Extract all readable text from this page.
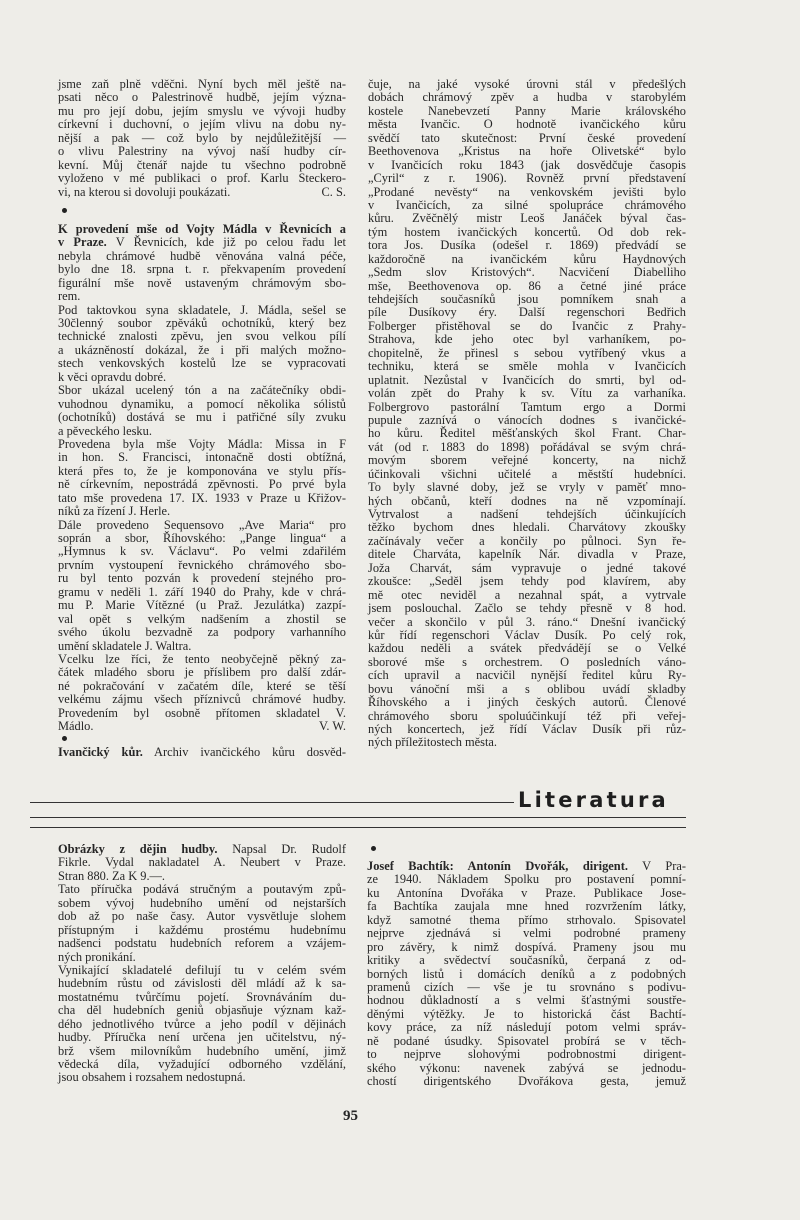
jsme zaň plně vděčni. Nyní bych měl ještě na-
psati něco o Palestrinově hudbě, jejím význa-
mu pro její dobu, jejím smyslu ve vývoji hudby
církevní i duchovní, o jejím vlivu na dobu ny-
nější a pak — což bylo by nejdůležitější —
o vlivu Palestriny na vývoj naší hudby cír-
kevní. Můj čtenář najde tu všechno podrobně
vyloženo v mé publikaci o prof. Karlu Steckero-
vi, na kterou si dovoluji poukázati.	C. S.
K provedení mše od Vojty Mádla v Řevnicích a
v Praze. V Řevnicích, kde již po celou řadu let
nebyla chrámové hudbě věnována valná péče,
bylo dne 18. srpna t. r. překvapením provedení
figurální mše nově ustaveným chrámovým sbo-
rem.
Pod taktovkou syna skladatele, J. Mádla, sešel se
30členný soubor zpěváků ochotníků, který bez
technické znalosti zpěvu, jen svou velkou pílí
a ukázněností dokázal, že i při malých možno-
stech venkovských kostelů lze se vypracovati
k věci opravdu dobré.
Sbor ukázal ucelený tón a na začátečníky obdi-
vuhodnou dynamiku, a pomocí několika sólistů
(ochotníků) dostává se mu i patřičné síly zvuku
a pěveckého lesku.
Provedena byla mše Vojty Mádla: Missa in F
in hon. S. Francisci, intonačně dosti obtížná,
která přes to, že je komponována ve stylu přís-
ně církevním, nepostrádá zpěvnosti. Po prvé byla
tato mše provedena 17. IX. 1933 v Praze u Křižov-
níků za řízení J. Herle.
Dále provedeno Sequensovo „Ave Maria“ pro
soprán a sbor, Říhovského: „Pange lingua“ a
„Hymnus k sv. Václavu“. Po velmi zdařilém
prvním vystoupení řevnického chrámového sbo-
ru byl tento pozván k provedení stejného pro-
gramu v neděli 1. září 1940 do Prahy, kde v chrá-
mu P. Marie Vítězné (u Praž. Jezulátka) zazpí-
val opět s velkým nadšením a zhostil se
svého úkolu bezvadně za podpory varhanního
umění skladatele J. Waltra.
Vcelku lze říci, že tento neobyčejně pěkný za-
čátek mladého sboru je příslibem pro další zdár-
né pokračování v začatém díle, které se těší
velkému zájmu všech příznivců chrámové hudby.
Provedením byl osobně přítomen skladatel V.
Mádlo.	V. W.
Ivančický kůr. Archiv ivančického kůru dosvěd-
čuje, na jaké vysoké úrovni stál v předešlých
dobách chrámový zpěv a hudba v starobylém
kostele Nanebevzetí Panny Marie královského
města Ivančic. O hodnotě ivančického kůru
svědčí tato skutečnost: První české provedení
Beethovenova „Kristus na hoře Olivetské“ bylo
v Ivančicích roku 1843 (jak dosvědčuje časopis
„Cyril“ z r. 1906). Rovněž první představení
„Prodané nevěsty“ na venkovském jevišti bylo
v Ivančicích, za silné spolupráce chrámového
kůru. Zvěčnělý mistr Leoš Janáček býval čas-
tým hostem ivančických koncertů. Od dob rek-
tora Jos. Dusíka (odešel r. 1869) předvádí se
každoročně na ivančickém kůru Haydnových
„Sedm slov Kristových“. Nacvičení Diabelliho
mše, Beethovenova op. 86 a četné jiné práce
tehdejších současníků jsou pomníkem snah a
píle Dusíkovy éry. Další regenschori Bedřich
Folberger přistěhoval se do Ivančic z Prahy-
Strahova, kde jeho otec byl varhaníkem, po-
chopitelně, že přinesl s sebou vytříbený vkus a
techniku, která se směle mohla v Ivančicích
uplatnit. Nezůstal v Ivančicích do smrti, byl od-
volán zpět do Prahy k sv. Vítu za varhaníka.
Folbergrovo pastorální Tamtum ergo a Dormi
pupule zaznívá o vánocích dodnes s ivančické-
ho kůru. Ředitel měšťanských škol Frant. Char-
vát (od r. 1883 do 1898) pořádával se svým chrá-
movým sborem veřejné koncerty, na nichž
účinkovali všichni učitelé a městští hudebníci.
To byly slavné doby, jež se vryly v paměť mno-
hých občanů, kteří dodnes na ně vzpomínají.
Vytrvalost a nadšení tehdejších účinkujících
těžko bychom dnes hledali. Charvátovy zkoušky
začínávaly večer a končily po půlnoci. Syn ře-
ditele Charváta, kapelník Nár. divadla v Praze,
Joža Charvát, sám vypravuje o jedné takové
zkoušce: „Seděl jsem tehdy pod klavírem, aby
mě otec neviděl a nezahnal spát, a vytrvale
jsem poslouchal. Začlo se tehdy přesně v 8 hod.
večer a skončilo v půl 3. ráno.“ Dnešní ivančický
kůr řídí regenschori Václav Dusík. Po celý rok,
každou neděli a svátek předvádějí se o Velké
sborové mše s orchestrem. O posledních váno-
cích upravil a nacvičil nynější ředitel kůru Ry-
bovu vánoční mši a s oblibou uvádí skladby
Říhovského a i jiných českých autorů. Členové
chrámového sboru spoluúčinkují též při veřej-
ných koncertech, jež řídí Václav Dusík při růz-
ných příležitostech města.
Literatura
Obrázky z dějin hudby. Napsal Dr. Rudolf
Fikrle. Vydal nakladatel A. Neubert v Praze.
Stran 880. Za K 9.—.
Tato příručka podává stručným a poutavým způ-
sobem vývoj hudebního umění od nejstarších
dob až po naše časy. Autor vysvětluje slohem
přístupným i každému prostému hudebnímu
nadšenci podstatu hudebních reforem a vzájem-
ných pronikání.
Vynikající skladatelé defilují tu v celém svém
hudebním růstu od závislosti děl mládí až k sa-
mostatnému tvůrčímu pojetí. Srovnáváním du-
cha děl hudebních geniů objasňuje význam kaž-
dého jednotlivého tvůrce a jeho podíl v dějinách
hudby. Příručka není určena jen učitelstvu, ný-
brž všem milovníkům hudebního umění, jimž
vědecká díla, vyžadující odborného vzdělání,
jsou obsahem i rozsahem nedostupná.
Josef Bachtík: Antonín Dvořák, dirigent. V Pra-
ze 1940. Nákladem Spolku pro postavení pomní-
ku Antonína Dvořáka v Praze. Publikace Jose-
fa Bachtíka zaujala mne hned rozvržením látky,
když samotné thema přímo strhovalo. Spisovatel
nejprve zjednává si velmi podrobné prameny
pro závěry, k nimž dospívá. Prameny jsou mu
kritiky a svědectví současníků, čerpaná z od-
borných listů i domácích deníků a z podobných
pramenů cizích — vše je tu srovnáno s podivu-
hodnou důkladností a s velmi šťastnými soustře-
děnými výtěžky. Je to historická část Bachtí-
kovy práce, za níž následují potom velmi správ-
ně podané úsudky. Spisovatel probírá se v těch-
to nejprve slohovými podrobnostmi dirigent-
ského výkonu: navenek zabývá se jednodu-
chostí dirigentského Dvořákova gesta, jemuž
95
